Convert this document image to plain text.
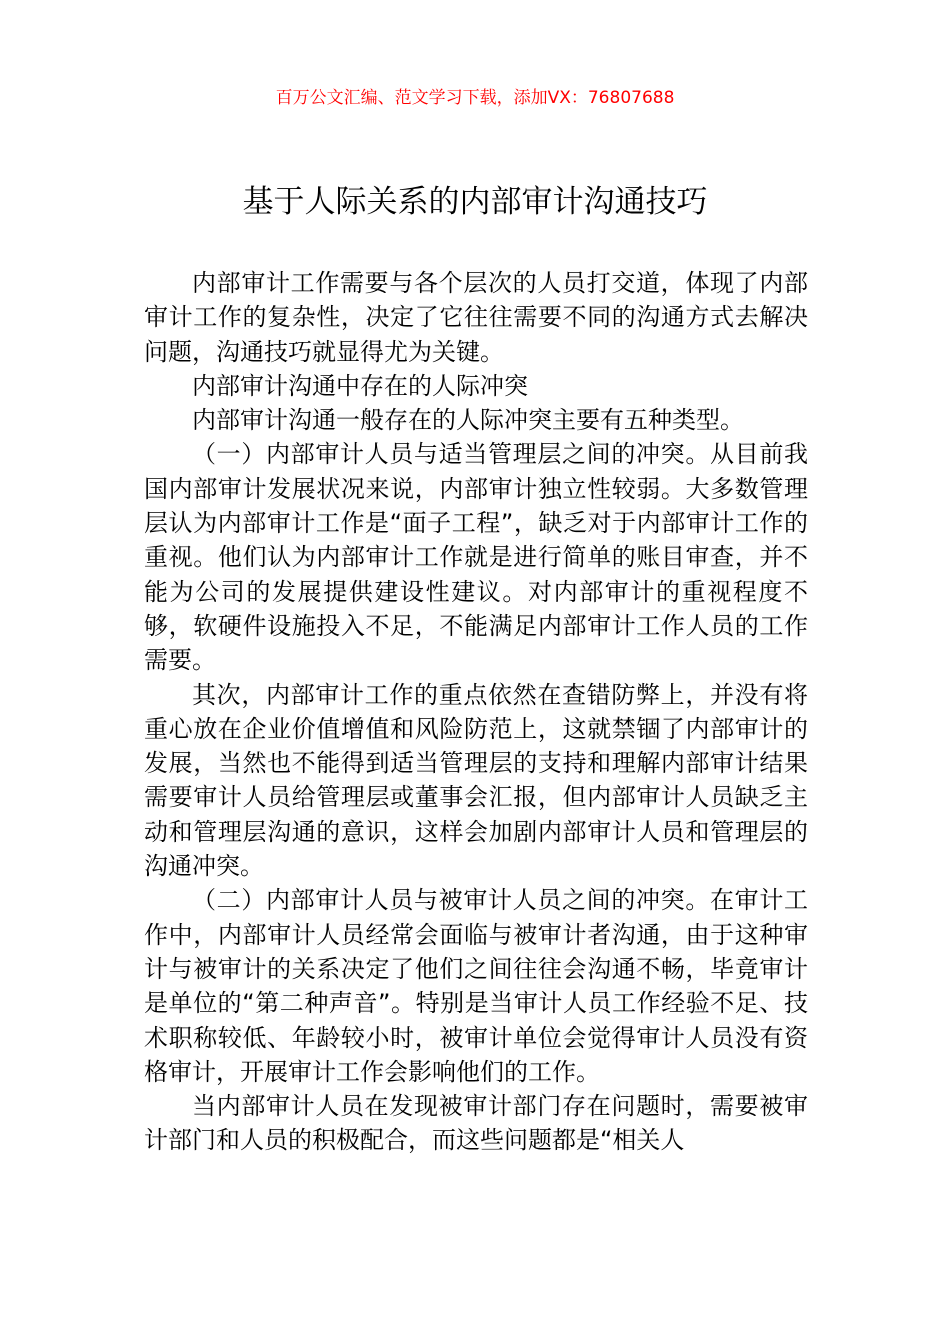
百万公文汇编、范文学习下载，添加VX：76807688
基于人际关系的内部审计沟通技巧

内部审计工作需要与各个层次的人员打交道，体现了内部审计工作的复杂性，决定了它往往需要不同的沟通方式去解决问题，沟通技巧就显得尤为关键。

内部审计沟通中存在的人际冲突

内部审计沟通一般存在的人际冲突主要有五种类型。

（一）内部审计人员与适当管理层之间的冲突。从目前我国内部审计发展状况来说，内部审计独立性较弱。大多数管理层认为内部审计工作是“面子工程”，缺乏对于内部审计工作的重视。他们认为内部审计工作就是进行简单的账目审查，并不能为公司的发展提供建设性建议。对内部审计的重视程度不够，软硬件设施投入不足，不能满足内部审计工作人员的工作需要。

其次，内部审计工作的重点依然在查错防弊上，并没有将重心放在企业价值增值和风险防范上，这就禁锢了内部审计的发展，当然也不能得到适当管理层的支持和理解内部审计结果需要审计人员给管理层或董事会汇报，但内部审计人员缺乏主动和管理层沟通的意识，这样会加剧内部审计人员和管理层的沟通冲突。

（二）内部审计人员与被审计人员之间的冲突。在审计工作中，内部审计人员经常会面临与被审计者沟通，由于这种审计与被审计的关系决定了他们之间往往会沟通不畅，毕竟审计是单位的“第二种声音”。特别是当审计人员工作经验不足、技术职称较低、年龄较小时，被审计单位会觉得审计人员没有资格审计，开展审计工作会影响他们的工作。

当内部审计人员在发现被审计部门存在问题时，需要被审计部门和人员的积极配合，而这些问题都是“相关人
